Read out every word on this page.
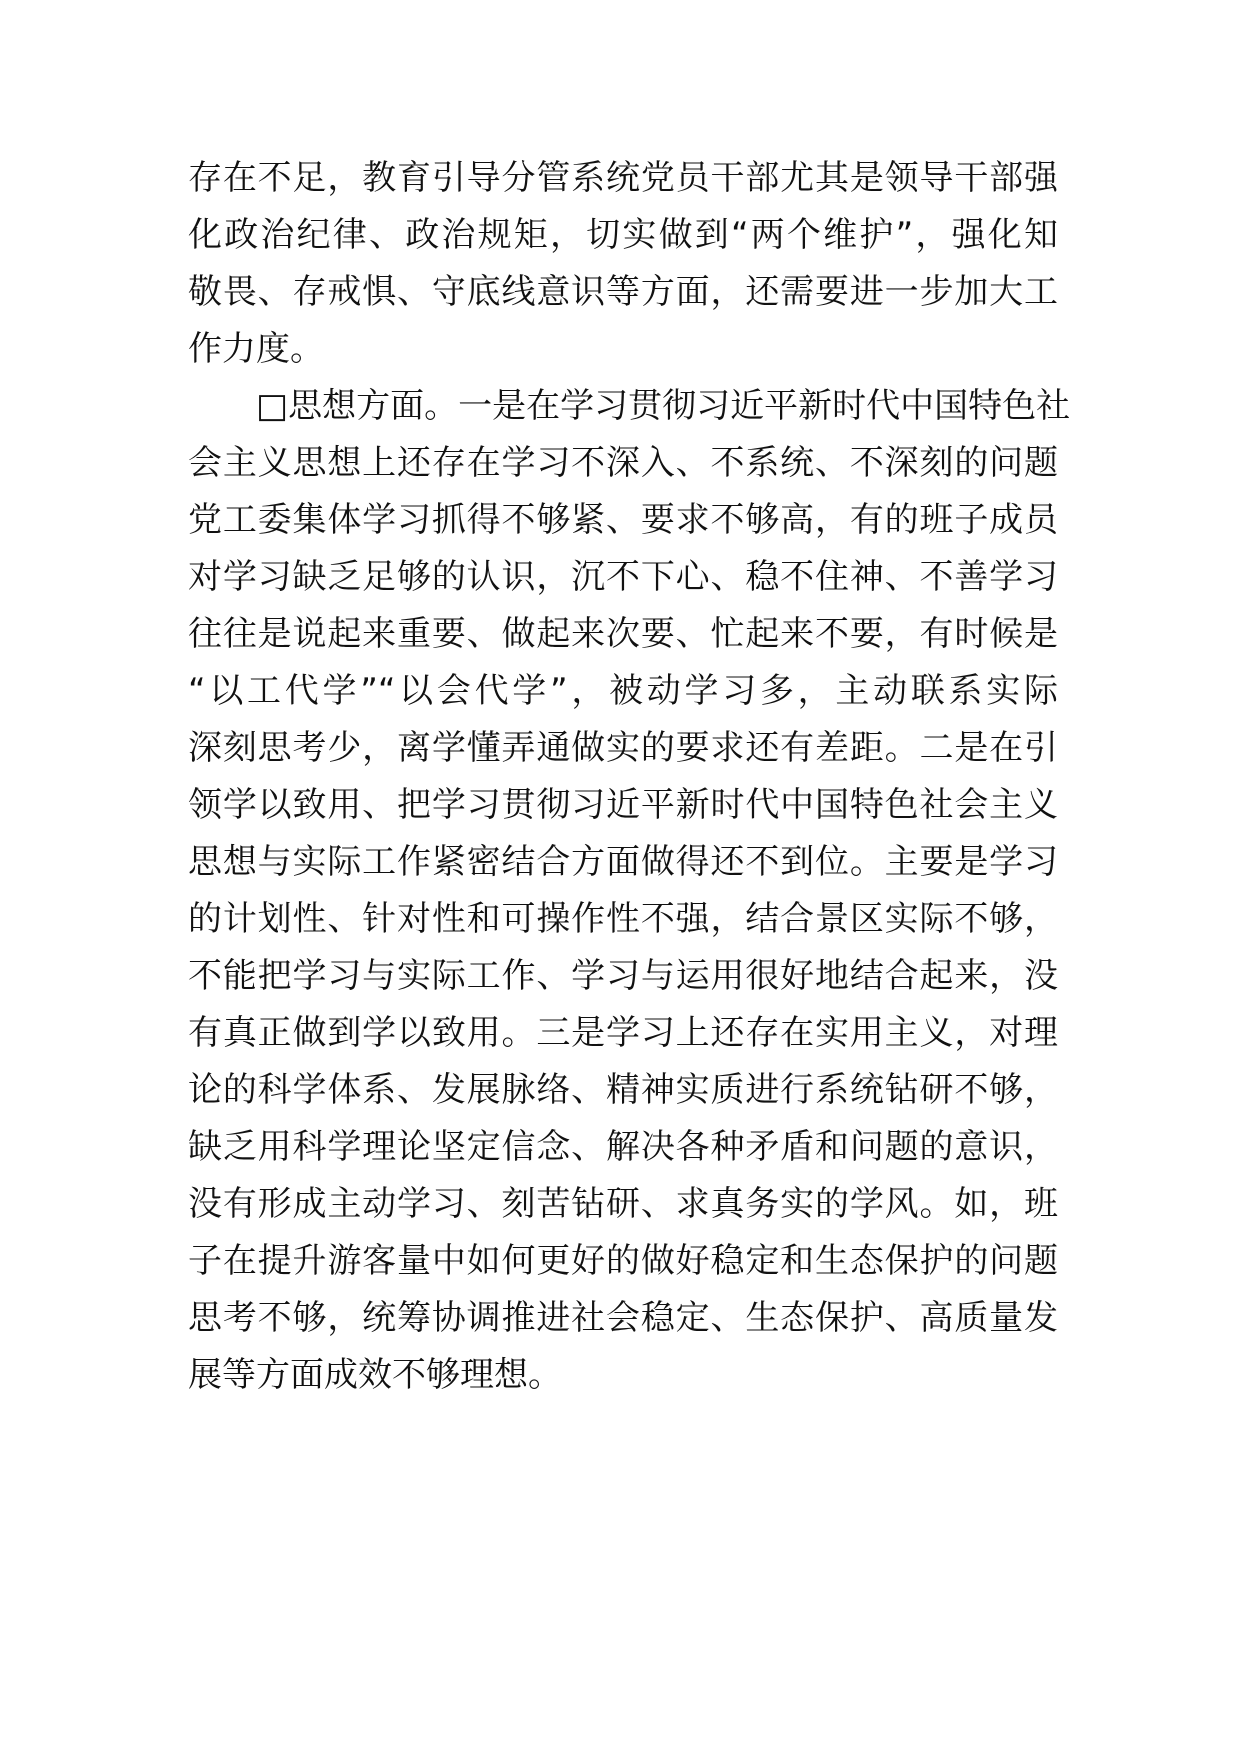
存在不足，教育引导分管系统党员干部尤其是领导干部强
化政治纪律、政治规矩，切实做到“两个维护”，强化知
敬畏、存戒惧、守底线意识等方面，还需要进一步加大工
作力度。
□思想方面。一是在学习贯彻习近平新时代中国特色社
会主义思想上还存在学习不深入、不系统、不深刻的问题
党工委集体学习抓得不够紧、要求不够高，有的班子成员
对学习缺乏足够的认识，沉不下心、稳不住神、不善学习
往往是说起来重要、做起来次要、忙起来不要，有时候是
“以工代学”“以会代学”，被动学习多，主动联系实际
深刻思考少，离学懂弄通做实的要求还有差距。二是在引
领学以致用、把学习贯彻习近平新时代中国特色社会主义
思想与实际工作紧密结合方面做得还不到位。主要是学习
的计划性、针对性和可操作性不强，结合景区实际不够，
不能把学习与实际工作、学习与运用很好地结合起来，没
有真正做到学以致用。三是学习上还存在实用主义，对理
论的科学体系、发展脉络、精神实质进行系统钻研不够，
缺乏用科学理论坚定信念、解决各种矛盾和问题的意识，
没有形成主动学习、刻苦钻研、求真务实的学风。如，班
子在提升游客量中如何更好的做好稳定和生态保护的问题
思考不够，统筹协调推进社会稳定、生态保护、高质量发
展等方面成效不够理想。
